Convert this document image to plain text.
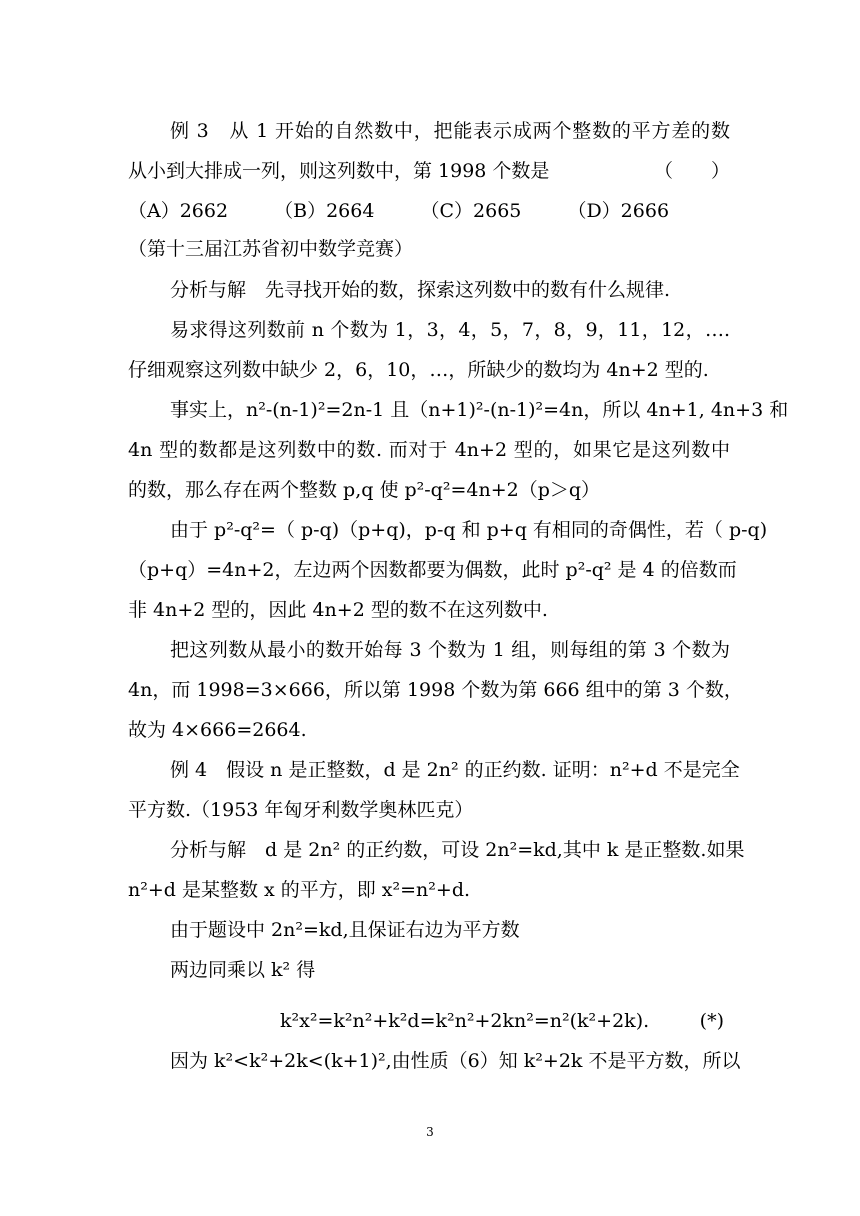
例 3　从 1 开始的自然数中，把能表示成两个整数的平方差的数
从小到大排成一列，则这列数中，第 1998 个数是	（　　）
（A）2662 （B）2664 （C）2665 （D）2666
（第十三届江苏省初中数学竞赛）
分析与解　先寻找开始的数，探索这列数中的数有什么规律.
易求得这列数前 n 个数为 1，3，4，5，7，8，9，11，12，….
仔细观察这列数中缺少 2，6，10，…，所缺少的数均为 4n+2 型的.
事实上，n²-(n-1)²=2n-1 且（n+1)²-(n-1)²=4n，所以 4n+1, 4n+3 和
4n 型的数都是这列数中的数. 而对于 4n+2 型的，如果它是这列数中
的数，那么存在两个整数 p,q 使 p²-q²=4n+2（p＞q）
由于 p²-q²=（ p-q)（p+q)，p-q 和 p+q 有相同的奇偶性，若（ p-q)
（p+q）=4n+2，左边两个因数都要为偶数，此时 p²-q² 是 4 的倍数而
非 4n+2 型的，因此 4n+2 型的数不在这列数中.
把这列数从最小的数开始每 3 个数为 1 组，则每组的第 3 个数为
4n，而 1998=3×666，所以第 1998 个数为第 666 组中的第 3 个数，
故为 4×666=2664.
例 4　假设 n 是正整数，d 是 2n² 的正约数. 证明：n²+d 不是完全
平方数.（1953 年匈牙利数学奥林匹克）
分析与解　d 是 2n² 的正约数，可设 2n²=kd,其中 k 是正整数.如果
n²+d 是某整数 x 的平方，即 x²=n²+d.
由于题设中 2n²=kd,且保证右边为平方数
两边同乘以 k² 得
k²x²=k²n²+k²d=k²n²+2kn²=n²(k²+2k).	(*)
因为 k²<k²+2k<(k+1)²,由性质（6）知 k²+2k 不是平方数，所以
3
